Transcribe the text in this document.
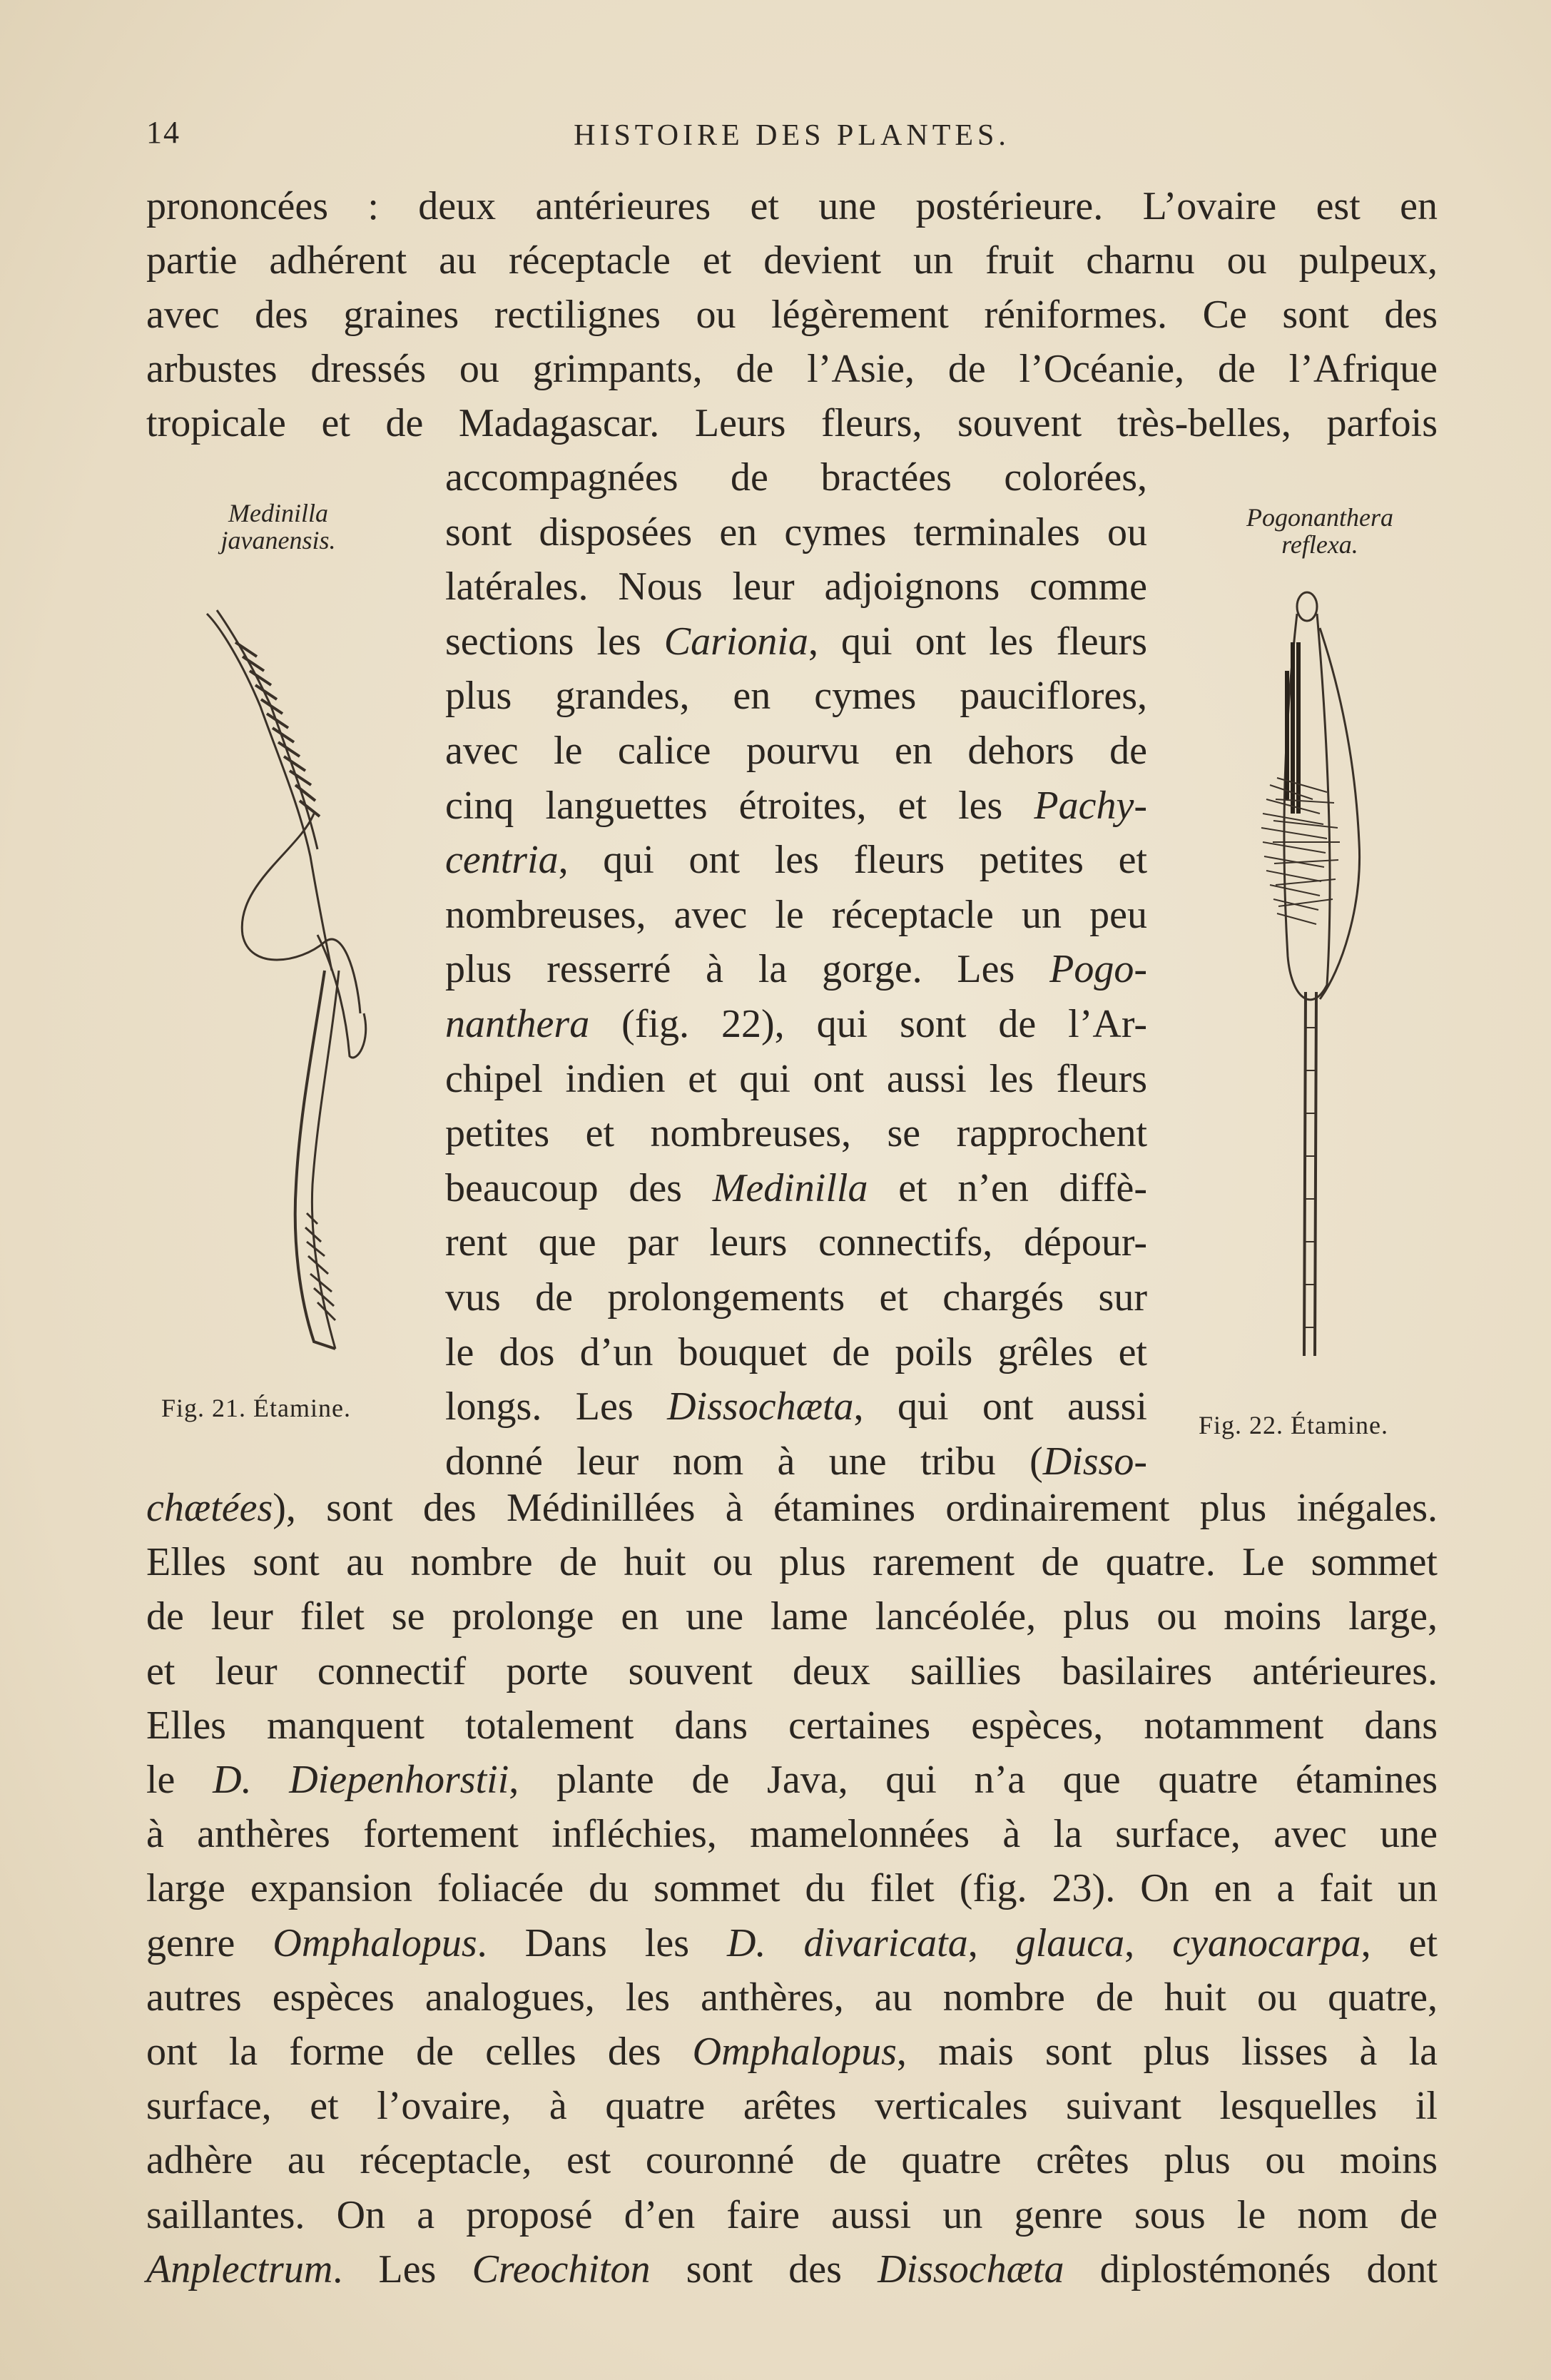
14	HISTOIRE DES PLANTES.
prononcées : deux antérieures et une postérieure. L’ovaire est en
partie adhérent au réceptacle et devient un fruit charnu ou pulpeux,
avec des graines rectilignes ou légèrement réniformes. Ce sont des
arbustes dressés ou grimpants, de l’Asie, de l’Océanie, de l’Afrique
tropicale et de Madagascar. Leurs fleurs, souvent très-belles, parfois
accompagnées de bractées colorées,
sont disposées en cymes terminales ou
latérales. Nous leur adjoignons comme
sections les Carionia, qui ont les fleurs
plus grandes, en cymes pauciflores,
avec le calice pourvu en dehors de
cinq languettes étroites, et les Pachy-
centria, qui ont les fleurs petites et
nombreuses, avec le réceptacle un peu
plus resserré à la gorge. Les Pogo-
nanthera (fig. 22), qui sont de l’Ar-
chipel indien et qui ont aussi les fleurs
petites et nombreuses, se rapprochent
beaucoup des Medinilla et n’en diffè-
rent que par leurs connectifs, dépour-
vus de prolongements et chargés sur
le dos d’un bouquet de poils grêles et
longs. Les Dissochæta, qui ont aussi
donné leur nom à une tribu (Disso-
chætées), sont des Médinillées à étamines ordinairement plus inégales.
Elles sont au nombre de huit ou plus rarement de quatre. Le sommet
de leur filet se prolonge en une lame lancéolée, plus ou moins large,
et leur connectif porte souvent deux saillies basilaires antérieures.
Elles manquent totalement dans certaines espèces, notamment dans
le D. Diepenhorstii, plante de Java, qui n’a que quatre étamines
à anthères fortement infléchies, mamelonnées à la surface, avec une
large expansion foliacée du sommet du filet (fig. 23). On en a fait un
genre Omphalopus. Dans les D. divaricata, glauca, cyanocarpa, et
autres espèces analogues, les anthères, au nombre de huit ou quatre,
ont la forme de celles des Omphalopus, mais sont plus lisses à la
surface, et l’ovaire, à quatre arêtes verticales suivant lesquelles il
adhère au réceptacle, est couronné de quatre crêtes plus ou moins
saillantes. On a proposé d’en faire aussi un genre sous le nom de
Anplectrum. Les Creochiton sont des Dissochæta diplostémonés dont
Medinilla
javanensis.
Fig. 21. Étamine.
Pogonanthera
reflexa.
Fig. 22. Étamine.
